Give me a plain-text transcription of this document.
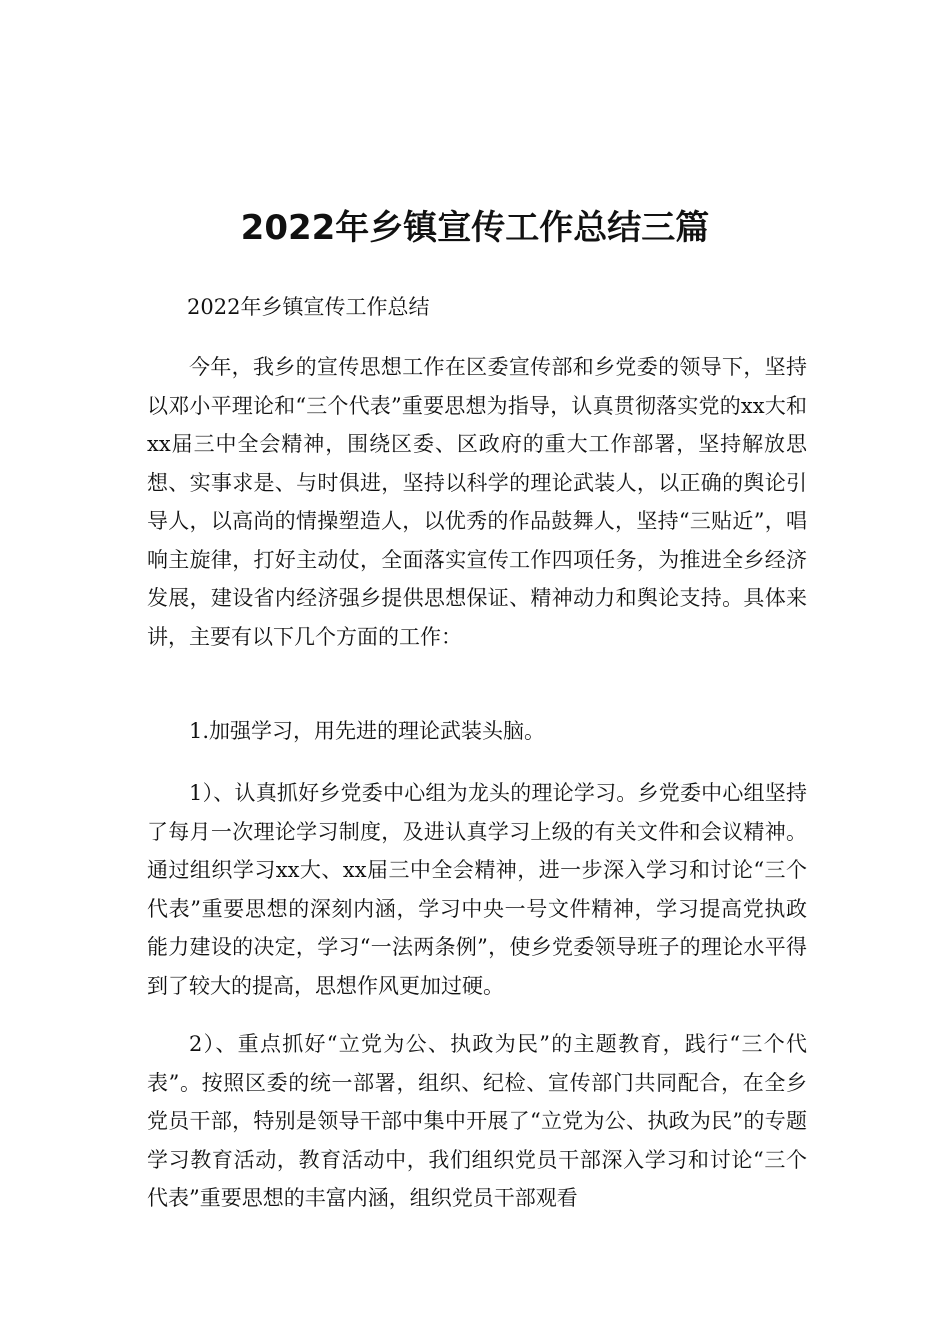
2022年乡镇宣传工作总结三篇
2022年乡镇宣传工作总结

今年，我乡的宣传思想工作在区委宣传部和乡党委的领导下，坚持以邓小平理论和“三个代表”重要思想为指导，认真贯彻落实党的xx大和xx届三中全会精神，围绕区委、区政府的重大工作部署，坚持解放思想、实事求是、与时俱进，坚持以科学的理论武装人，以正确的舆论引导人，以高尚的情操塑造人，以优秀的作品鼓舞人，坚持“三贴近”，唱响主旋律，打好主动仗，全面落实宣传工作四项任务，为推进全乡经济发展，建设省内经济强乡提供思想保证、精神动力和舆论支持。具体来讲，主要有以下几个方面的工作：

1.加强学习，用先进的理论武装头脑。

1）、认真抓好乡党委中心组为龙头的理论学习。乡党委中心组坚持了每月一次理论学习制度，及进认真学习上级的有关文件和会议精神。通过组织学习xx大、xx届三中全会精神，进一步深入学习和讨论“三个代表”重要思想的深刻内涵，学习中央一号文件精神，学习提高党执政能力建设的决定，学习“一法两条例”，使乡党委领导班子的理论水平得到了较大的提高，思想作风更加过硬。

2）、重点抓好“立党为公、执政为民”的主题教育，践行“三个代表”。按照区委的统一部署，组织、纪检、宣传部门共同配合，在全乡党员干部，特别是领导干部中集中开展了“立党为公、执政为民”的专题学习教育活动，教育活动中，我们组织党员干部深入学习和讨论“三个代表”重要思想的丰富内涵，组织党员干部观看
